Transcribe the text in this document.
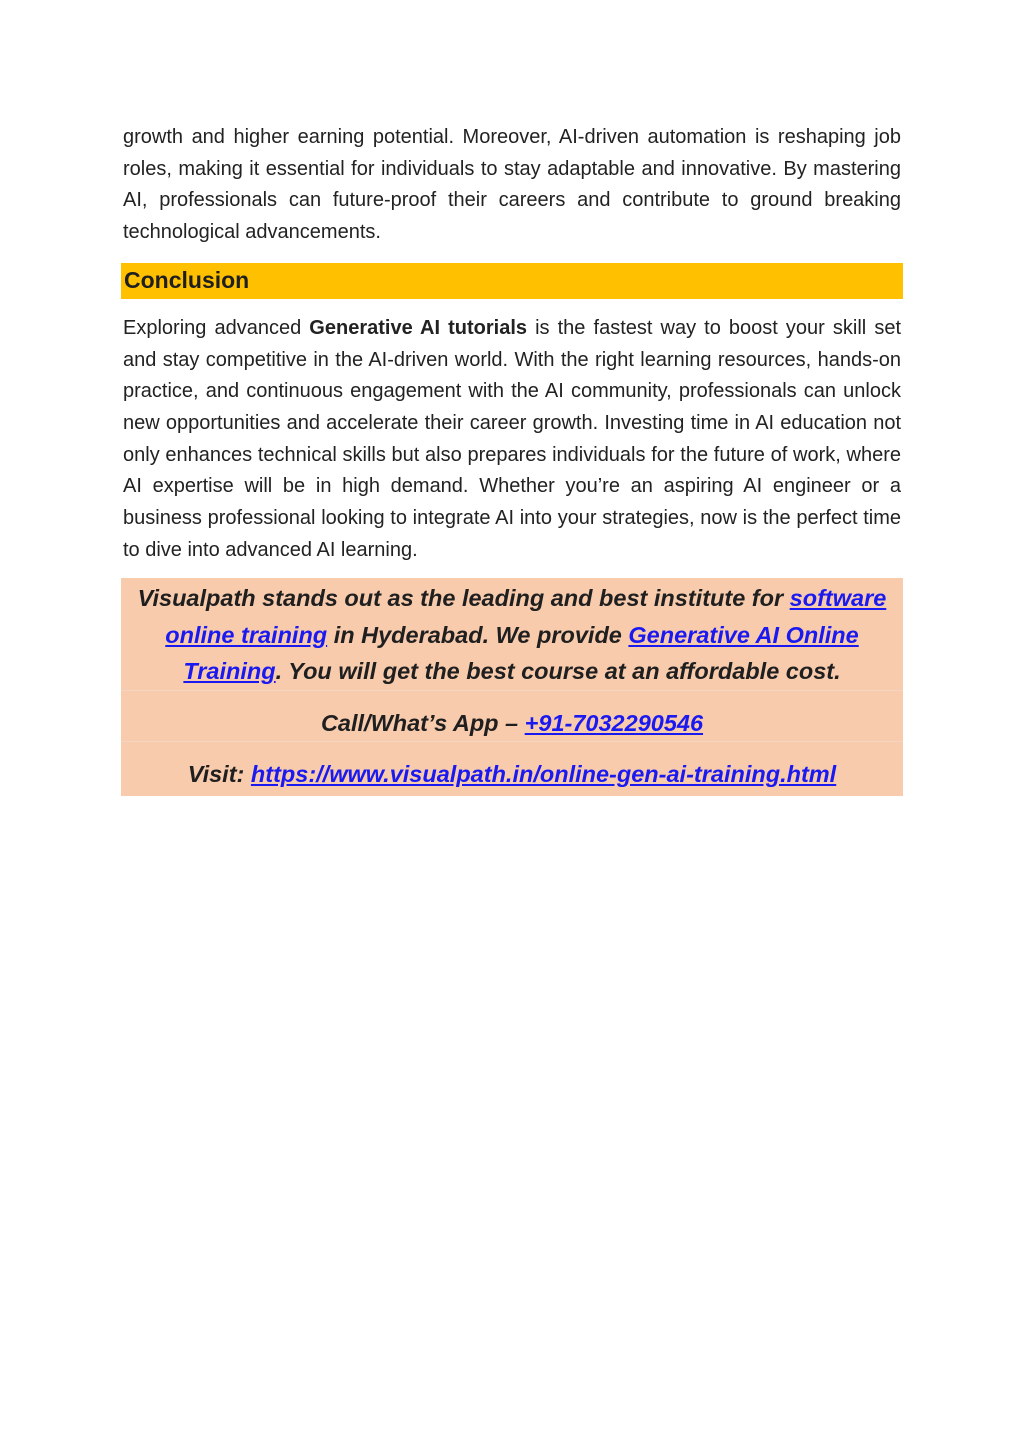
growth and higher earning potential. Moreover, AI-driven automation is reshaping job roles, making it essential for individuals to stay adaptable and innovative. By mastering AI, professionals can future-proof their careers and contribute to ground breaking technological advancements.

Conclusion

Exploring advanced Generative AI tutorials is the fastest way to boost your skill set and stay competitive in the AI-driven world. With the right learning resources, hands-on practice, and continuous engagement with the AI community, professionals can unlock new opportunities and accelerate their career growth. Investing time in AI education not only enhances technical skills but also prepares individuals for the future of work, where AI expertise will be in high demand. Whether you’re an aspiring AI engineer or a business professional looking to integrate AI into your strategies, now is the perfect time to dive into advanced AI learning.

Visualpath stands out as the leading and best institute for software online training in Hyderabad. We provide Generative AI Online Training. You will get the best course at an affordable cost.

Call/What’s App – +91-7032290546

Visit: https://www.visualpath.in/online-gen-ai-training.html
